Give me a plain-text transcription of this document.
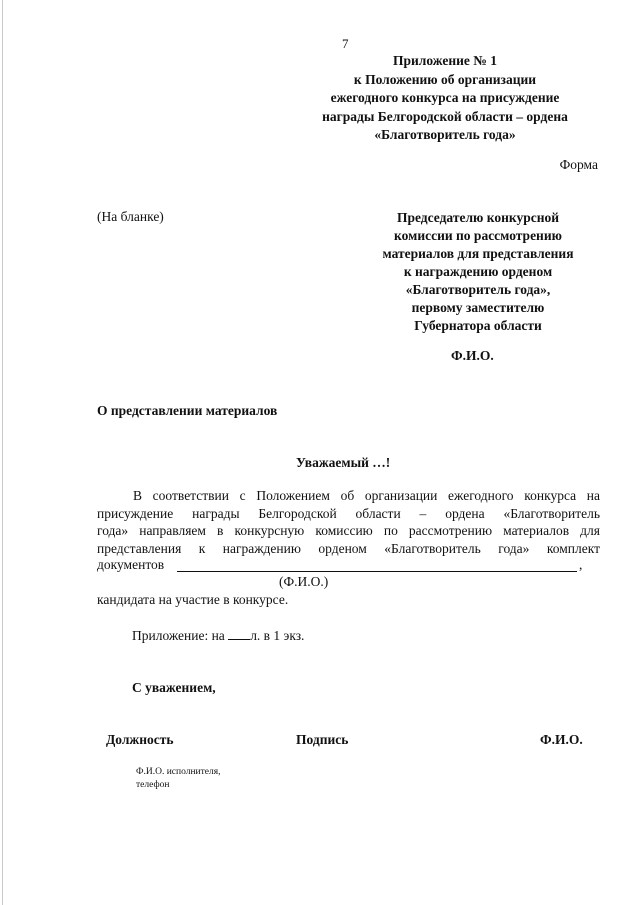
7
Приложение № 1
к Положению об организации
ежегодного конкурса на присуждение
награды Белгородской области – ордена
«Благотворитель года»
Форма
(На бланке)	Председателю конкурсной
комиссии по рассмотрению
материалов для представления
к награждению орденом
«Благотворитель года»,
первому заместителю
Губернатора области
Ф.И.О.
О представлении материалов
Уважаемый …!
В соответствии с Положением об организации ежегодного конкурса на
присуждение награды Белгородской области – ордена «Благотворитель
года» направляем в конкурсную комиссию по рассмотрению материалов для
представления к награждению орденом «Благотворитель года» комплект
документов	,
(Ф.И.О.)
кандидата на участие в конкурсе.
Приложение: на л. в 1 экз.
С уважением,
Должность	Подпись	Ф.И.О.
Ф.И.О. исполнителя,
телефон
